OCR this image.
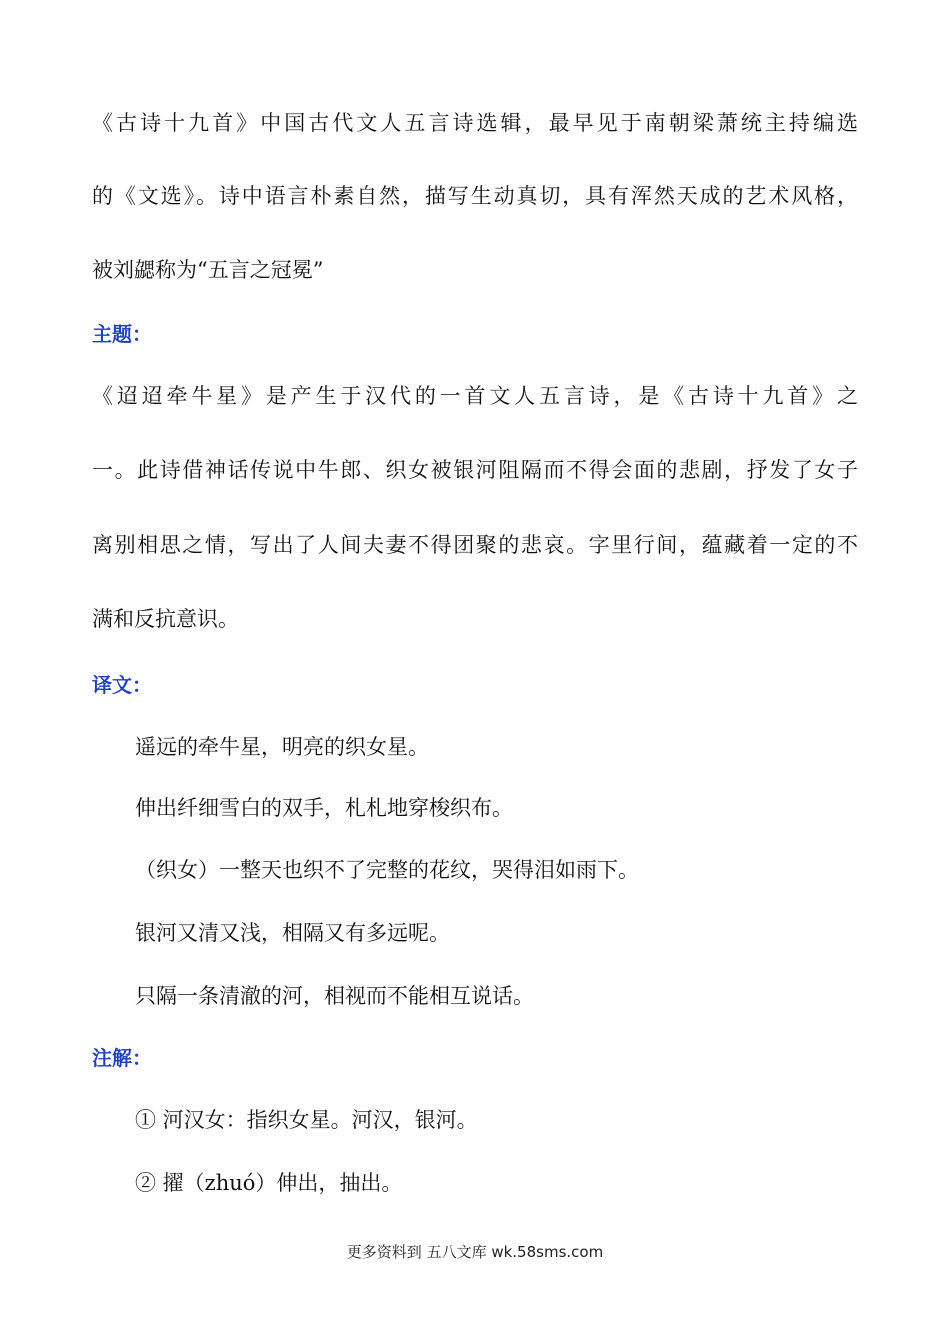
《古诗十九首》中国古代文人五言诗选辑，最早见于南朝梁萧统主持编选
的《文选》。诗中语言朴素自然，描写生动真切，具有浑然天成的艺术风格，
被刘勰称为“五言之冠冕”
主题：
《迢迢牵牛星》是产生于汉代的一首文人五言诗，是《古诗十九首》之
一。此诗借神话传说中牛郎、织女被银河阻隔而不得会面的悲剧，抒发了女子
离别相思之情，写出了人间夫妻不得团聚的悲哀。字里行间，蕴藏着一定的不
满和反抗意识。
译文：
遥远的牵牛星，明亮的织女星。
伸出纤细雪白的双手，札札地穿梭织布。
（织女）一整天也织不了完整的花纹，哭得泪如雨下。
银河又清又浅，相隔又有多远呢。
只隔一条清澈的河，相视而不能相互说话。
注解：
① 河汉女：指织女星。河汉，银河。
② 擢（zhuó）伸出，抽出。
更多资料到 五八文库 wk.58sms.com
